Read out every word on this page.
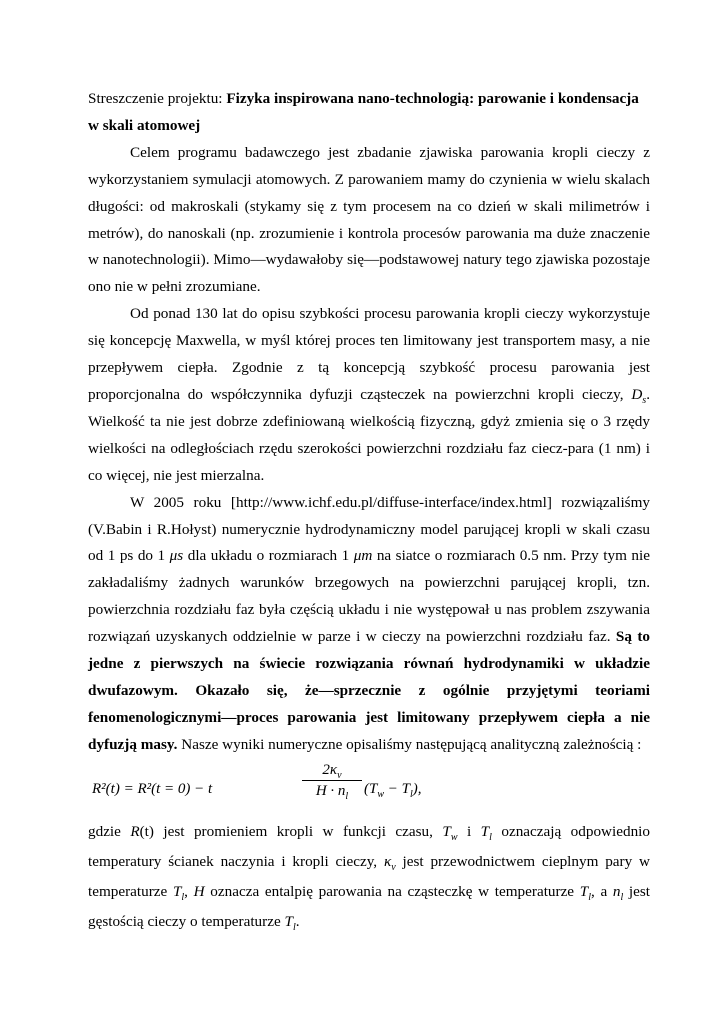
Streszczenie projektu: Fizyka inspirowana nano-technologią: parowanie i kondensacja w skali atomowej

Celem programu badawczego jest zbadanie zjawiska parowania kropli cieczy z wykorzystaniem symulacji atomowych. Z parowaniem mamy do czynienia w wielu skalach długości: od makroskali (stykamy się z tym procesem na co dzień w skali milimetrów i metrów), do nanoskali (np. zrozumienie i kontrola procesów parowania ma duże znaczenie w nanotechnologii). Mimo—wydawałoby się—podstawowej natury tego zjawiska pozostaje ono nie w pełni zrozumiane.

Od ponad 130 lat do opisu szybkości procesu parowania kropli cieczy wykorzystuje się koncepcję Maxwella, w myśl której proces ten limitowany jest transportem masy, a nie przepływem ciepła. Zgodnie z tą koncepcją szybkość procesu parowania jest proporcjonalna do współczynnika dyfuzji cząsteczek na powierzchni kropli cieczy, $D_s$. Wielkość ta nie jest dobrze zdefiniowaną wielkością fizyczną, gdyż zmienia się o 3 rzędy wielkości na odległościach rzędu szerokości powierzchni rozdziału faz ciecz-para (1 nm) i co więcej, nie jest mierzalna.

W 2005 roku [http://www.ichf.edu.pl/diffuse-interface/index.html] rozwiązaliśmy (V.Babin i R.Hołyst) numerycznie hydrodynamiczny model parującej kropli w skali czasu od 1 ps do 1 μs dla układu o rozmiarach 1 μm na siatce o rozmiarach 0.5 nm. Przy tym nie zakładaliśmy żadnych warunków brzegowych na powierzchni parującej kropli, tzn. powierzchnia rozdziału faz była częścią układu i nie występował u nas problem zszywania rozwiązań uzyskanych oddzielnie w parze i w cieczy na powierzchni rozdziału faz. Są to jedne z pierwszych na świecie rozwiązania równań hydrodynamiki w układzie dwufazowym. Okazało się, że—sprzecznie z ogólnie przyjętymi teoriami fenomenologicznymi—proces parowania jest limitowany przepływem ciepła a nie dyfuzją masy. Nasze wyniki numeryczne opisaliśmy następującą analityczną zależnością :

R²(t) = R²(t = 0) − t
$2\kappa_v$
$H \cdot n_l$	$(T_w - T_l)$,

gdzie R(t) jest promieniem kropli w funkcji czasu, $T_w$ i $T_l$ oznaczają odpowiednio temperatury ścianek naczynia i kropli cieczy, $\kappa_v$ jest przewodnictwem cieplnym pary w temperaturze $T_l$, H oznacza entalpię parowania na cząsteczkę w temperaturze $T_l$, a $n_l$ jest gęstością cieczy o temperaturze $T_l$.
